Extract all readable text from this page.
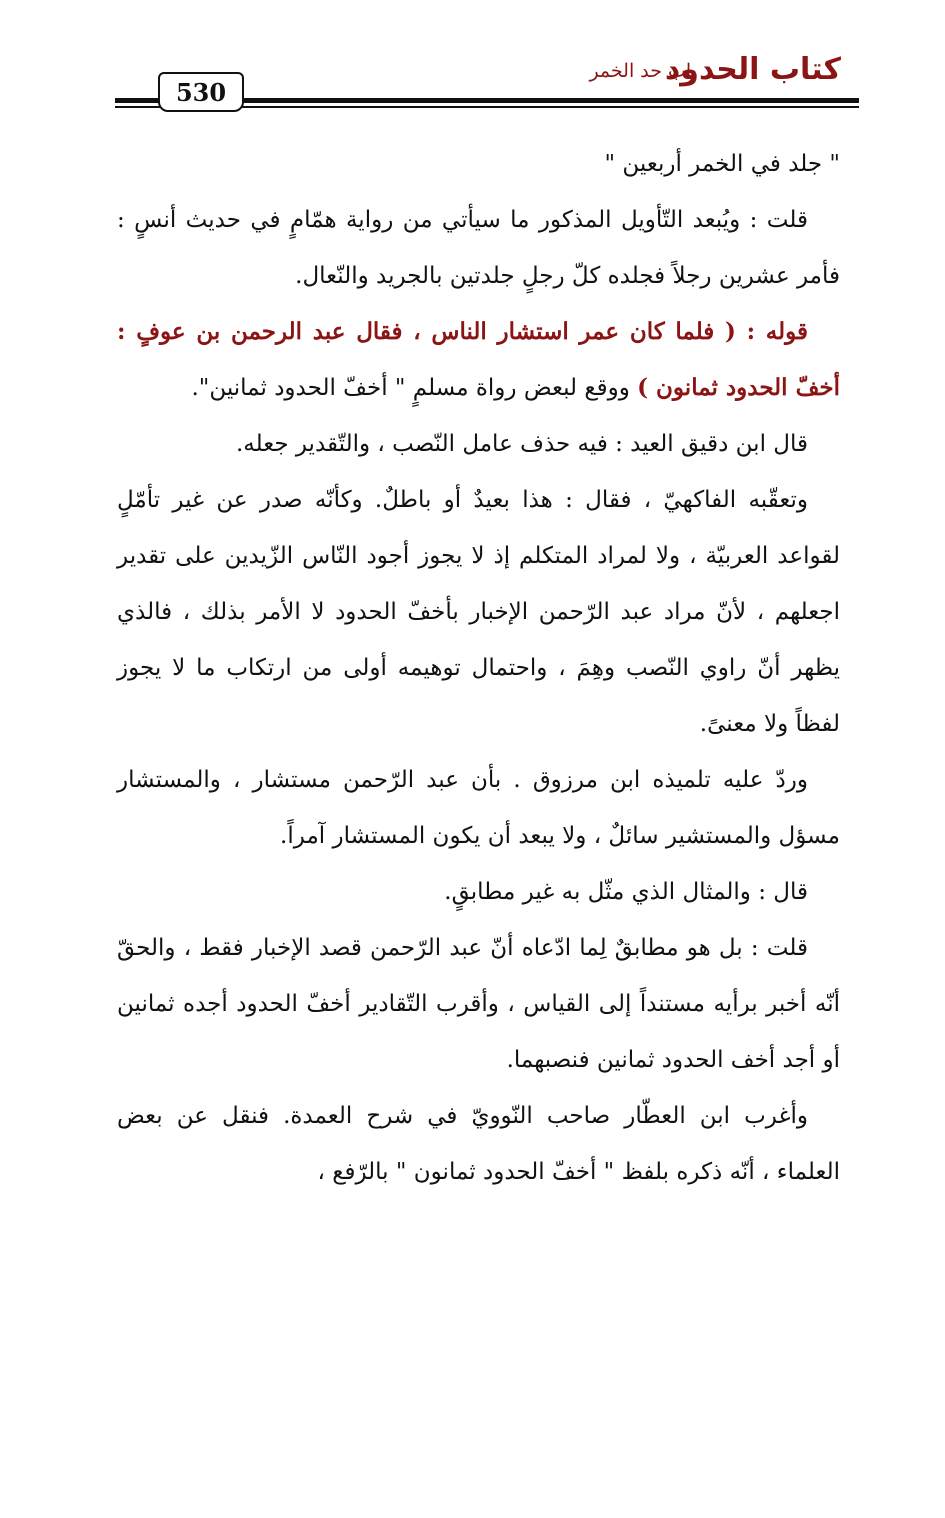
كتاب الحدود
باب حد الخمر
530

" جلد في الخمر أربعين "

قلت : ويُبعد التّأويل المذكور ما سيأتي من رواية همّامٍ في حديث أنسٍ : فأمر عشرين رجلاً فجلده كلّ رجلٍ جلدتين بالجريد والنّعال.

قوله : ( فلما كان عمر استشار الناس ، فقال عبد الرحمن بن عوفٍ : أخفّ الحدود ثمانون ) ووقع لبعض رواة مسلمٍ " أخفّ الحدود ثمانين".

قال ابن دقيق العيد : فيه حذف عامل النّصب ، والتّقدير جعله.

وتعقّبه الفاكهيّ ، فقال : هذا بعيدٌ أو باطلٌ. وكأنّه صدر عن غير تأمّلٍ لقواعد العربيّة ، ولا لمراد المتكلم إذ لا يجوز أجود النّاس الزّيدين على تقدير اجعلهم ، لأنّ مراد عبد الرّحمن الإخبار بأخفّ الحدود لا الأمر بذلك ، فالذي يظهر أنّ راوي النّصب وهِمَ ، واحتمال توهيمه أولى من ارتكاب ما لا يجوز لفظاً ولا معنىً.

وردّ عليه تلميذه ابن مرزوق . بأن عبد الرّحمن مستشار ، والمستشار مسؤل والمستشير سائلٌ ، ولا يبعد أن يكون المستشار آمراً.

قال : والمثال الذي مثّل به غير مطابقٍ.

قلت : بل هو مطابقٌ لِما ادّعاه أنّ عبد الرّحمن قصد الإخبار فقط ، والحقّ أنّه أخبر برأيه مستنداً إلى القياس ، وأقرب التّقادير أخفّ الحدود أجده ثمانين أو أجد أخف الحدود ثمانين فنصبهما.

وأغرب ابن العطّار صاحب النّوويّ في شرح العمدة. فنقل عن بعض العلماء ، أنّه ذكره بلفظ " أخفّ الحدود ثمانون " بالرّفع ،
